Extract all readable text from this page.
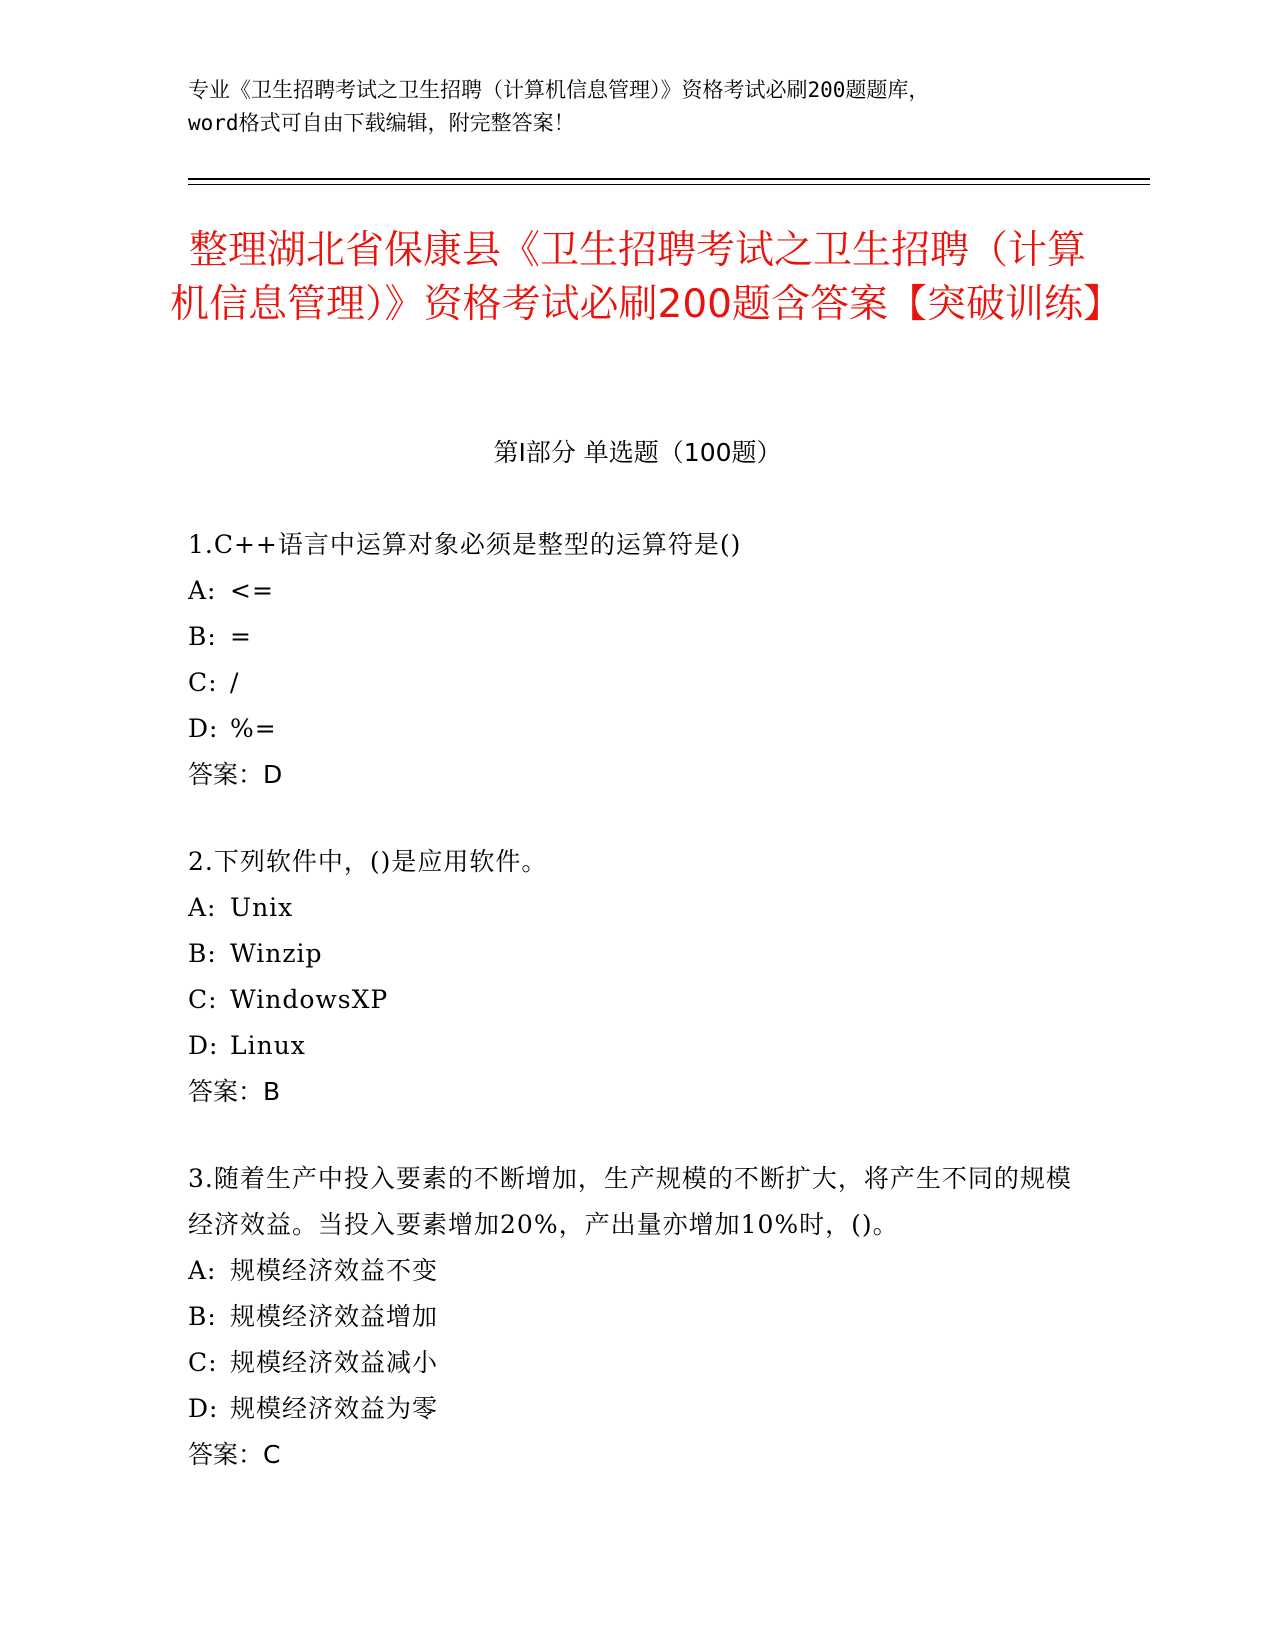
专业《卫生招聘考试之卫生招聘（计算机信息管理）》资格考试必刷200题题库，
word格式可自由下载编辑，附完整答案！
整理湖北省保康县《卫生招聘考试之卫生招聘（计算机信息管理）》资格考试必刷200题含答案【突破训练】
第Ⅰ部分 单选题（100题）

1.C++语言中运算对象必须是整型的运算符是()

A: <=
B: =
C: /
D: %=
答案：D

2.下列软件中，()是应用软件。

A: Unix
B: Winzip
C: WindowsXP
D: Linux
答案：B

3.随着生产中投入要素的不断增加，生产规模的不断扩大，将产生不同的规模经济效益。当投入要素增加20%，产出量亦增加10%时，()。

A: 规模经济效益不变
B: 规模经济效益增加
C: 规模经济效益减小
D: 规模经济效益为零
答案：C
